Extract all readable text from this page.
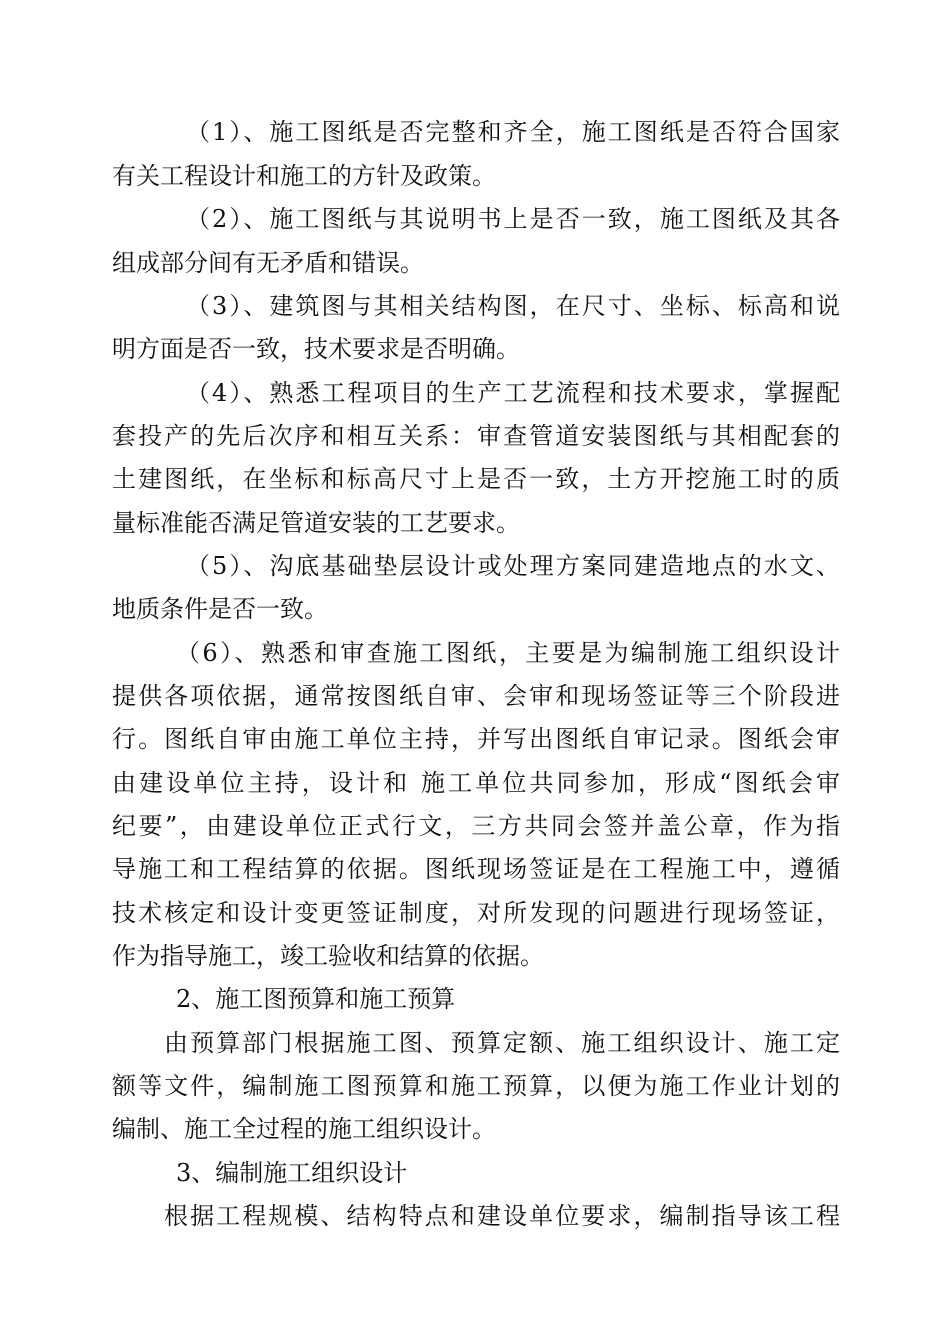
（1）、施工图纸是否完整和齐全，施工图纸是否符合国家
有关工程设计和施工的方针及政策。
（2）、施工图纸与其说明书上是否一致，施工图纸及其各
组成部分间有无矛盾和错误。
（3）、建筑图与其相关结构图，在尺寸、坐标、标高和说
明方面是否一致，技术要求是否明确。
（4）、熟悉工程项目的生产工艺流程和技术要求，掌握配
套投产的先后次序和相互关系：审查管道安装图纸与其相配套的
土建图纸，在坐标和标高尺寸上是否一致，土方开挖施工时的质
量标准能否满足管道安装的工艺要求。
（5）、沟底基础垫层设计或处理方案同建造地点的水文、
地质条件是否一致。
（6）、熟悉和审查施工图纸，主要是为编制施工组织设计
提供各项依据，通常按图纸自审、会审和现场签证等三个阶段进
行。图纸自审由施工单位主持，并写出图纸自审记录。图纸会审
由建设单位主持，设计和 施工单位共同参加，形成“图纸会审
纪要”，由建设单位正式行文，三方共同会签并盖公章，作为指
导施工和工程结算的依据。图纸现场签证是在工程施工中，遵循
技术核定和设计变更签证制度，对所发现的问题进行现场签证，
作为指导施工，竣工验收和结算的依据。
2、施工图预算和施工预算
由预算部门根据施工图、预算定额、施工组织设计、施工定
额等文件，编制施工图预算和施工预算，以便为施工作业计划的
编制、施工全过程的施工组织设计。
3、编制施工组织设计
根据工程规模、结构特点和建设单位要求，编制指导该工程
